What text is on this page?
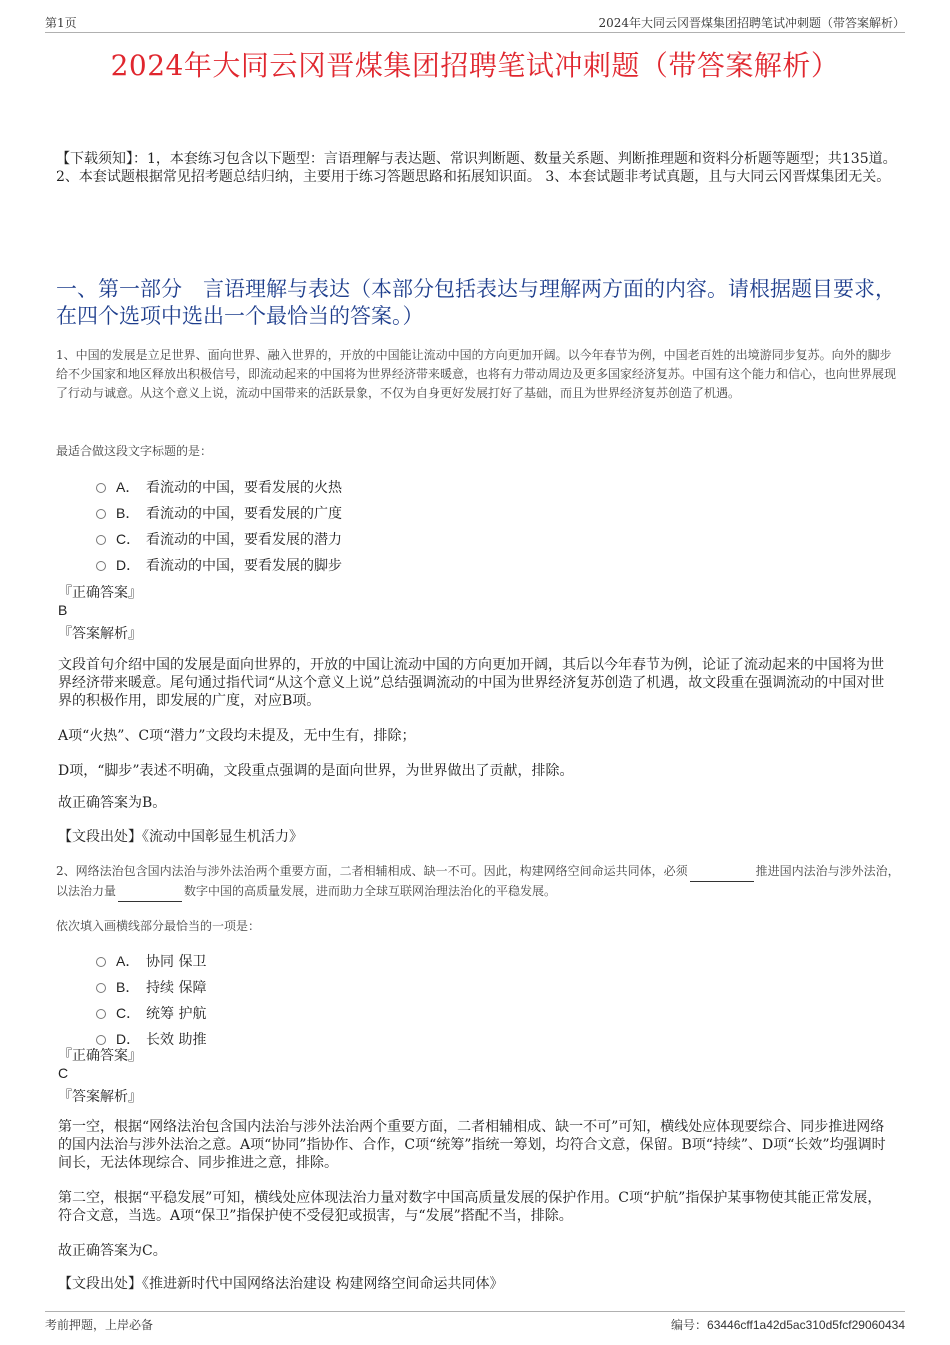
第1页	2024年大同云冈晋煤集团招聘笔试冲刺题（带答案解析）
2024年大同云冈晋煤集团招聘笔试冲刺题（带答案解析）
【下载须知】：1，本套练习包含以下题型：言语理解与表达题、常识判断题、数量关系题、判断推理题和资料分析题等题型；共135道。 2、本套试题根据常见招考题总结归纳，主要用于练习答题思路和拓展知识面。 3、本套试题非考试真题，且与大同云冈晋煤集团无关。
一、第一部分　言语理解与表达（本部分包括表达与理解两方面的内容。请根据题目要求，在四个选项中选出一个最恰当的答案。）
1、中国的发展是立足世界、面向世界、融入世界的，开放的中国能让流动中国的方向更加开阔。以今年春节为例，中国老百姓的出境游同步复苏。向外的脚步给不少国家和地区释放出积极信号，即流动起来的中国将为世界经济带来暖意，也将有力带动周边及更多国家经济复苏。中国有这个能力和信心，也向世界展现了行动与诚意。从这个意义上说，流动中国带来的活跃景象，不仅为自身更好发展打好了基础，而且为世界经济复苏创造了机遇。
最适合做这段文字标题的是：
A． 看流动的中国，要看发展的火热
B． 看流动的中国，要看发展的广度
C． 看流动的中国，要看发展的潜力
D． 看流动的中国，要看发展的脚步
『正确答案』
B
『答案解析』
文段首句介绍中国的发展是面向世界的，开放的中国让流动中国的方向更加开阔，其后以今年春节为例，论证了流动起来的中国将为世界经济带来暖意。尾句通过指代词“从这个意义上说”总结强调流动的中国为世界经济复苏创造了机遇，故文段重在强调流动的中国对世界的积极作用，即发展的广度，对应B项。
A项“火热”、C项“潜力”文段均未提及，无中生有，排除；
D项，“脚步”表述不明确，文段重点强调的是面向世界，为世界做出了贡献，排除。
故正确答案为B。
【文段出处】《流动中国彰显生机活力》
2、网络法治包含国内法治与涉外法治两个重要方面，二者相辅相成、缺一不可。因此，构建网络空间命运共同体，必须	推进国内法治与涉外法治，以法治力量	数字中国的高质量发展，进而助力全球互联网治理法治化的平稳发展。
依次填入画横线部分最恰当的一项是：
A． 协同 保卫
B． 持续 保障
C． 统筹 护航
D． 长效 助推
『正确答案』
C
『答案解析』
第一空，根据“网络法治包含国内法治与涉外法治两个重要方面，二者相辅相成、缺一不可”可知，横线处应体现要综合、同步推进网络的国内法治与涉外法治之意。A项“协同”指协作、合作，C项“统筹”指统一筹划，均符合文意，保留。B项“持续”、D项“长效”均强调时间长，无法体现综合、同步推进之意，排除。
第二空，根据“平稳发展”可知，横线处应体现法治力量对数字中国高质量发展的保护作用。C项“护航”指保护某事物使其能正常发展，符合文意，当选。A项“保卫”指保护使不受侵犯或损害，与“发展”搭配不当，排除。
故正确答案为C。
【文段出处】《推进新时代中国网络法治建设 构建网络空间命运共同体》
考前押题，上岸必备	编号：63446cff1a42d5ac310d5fcf29060434
